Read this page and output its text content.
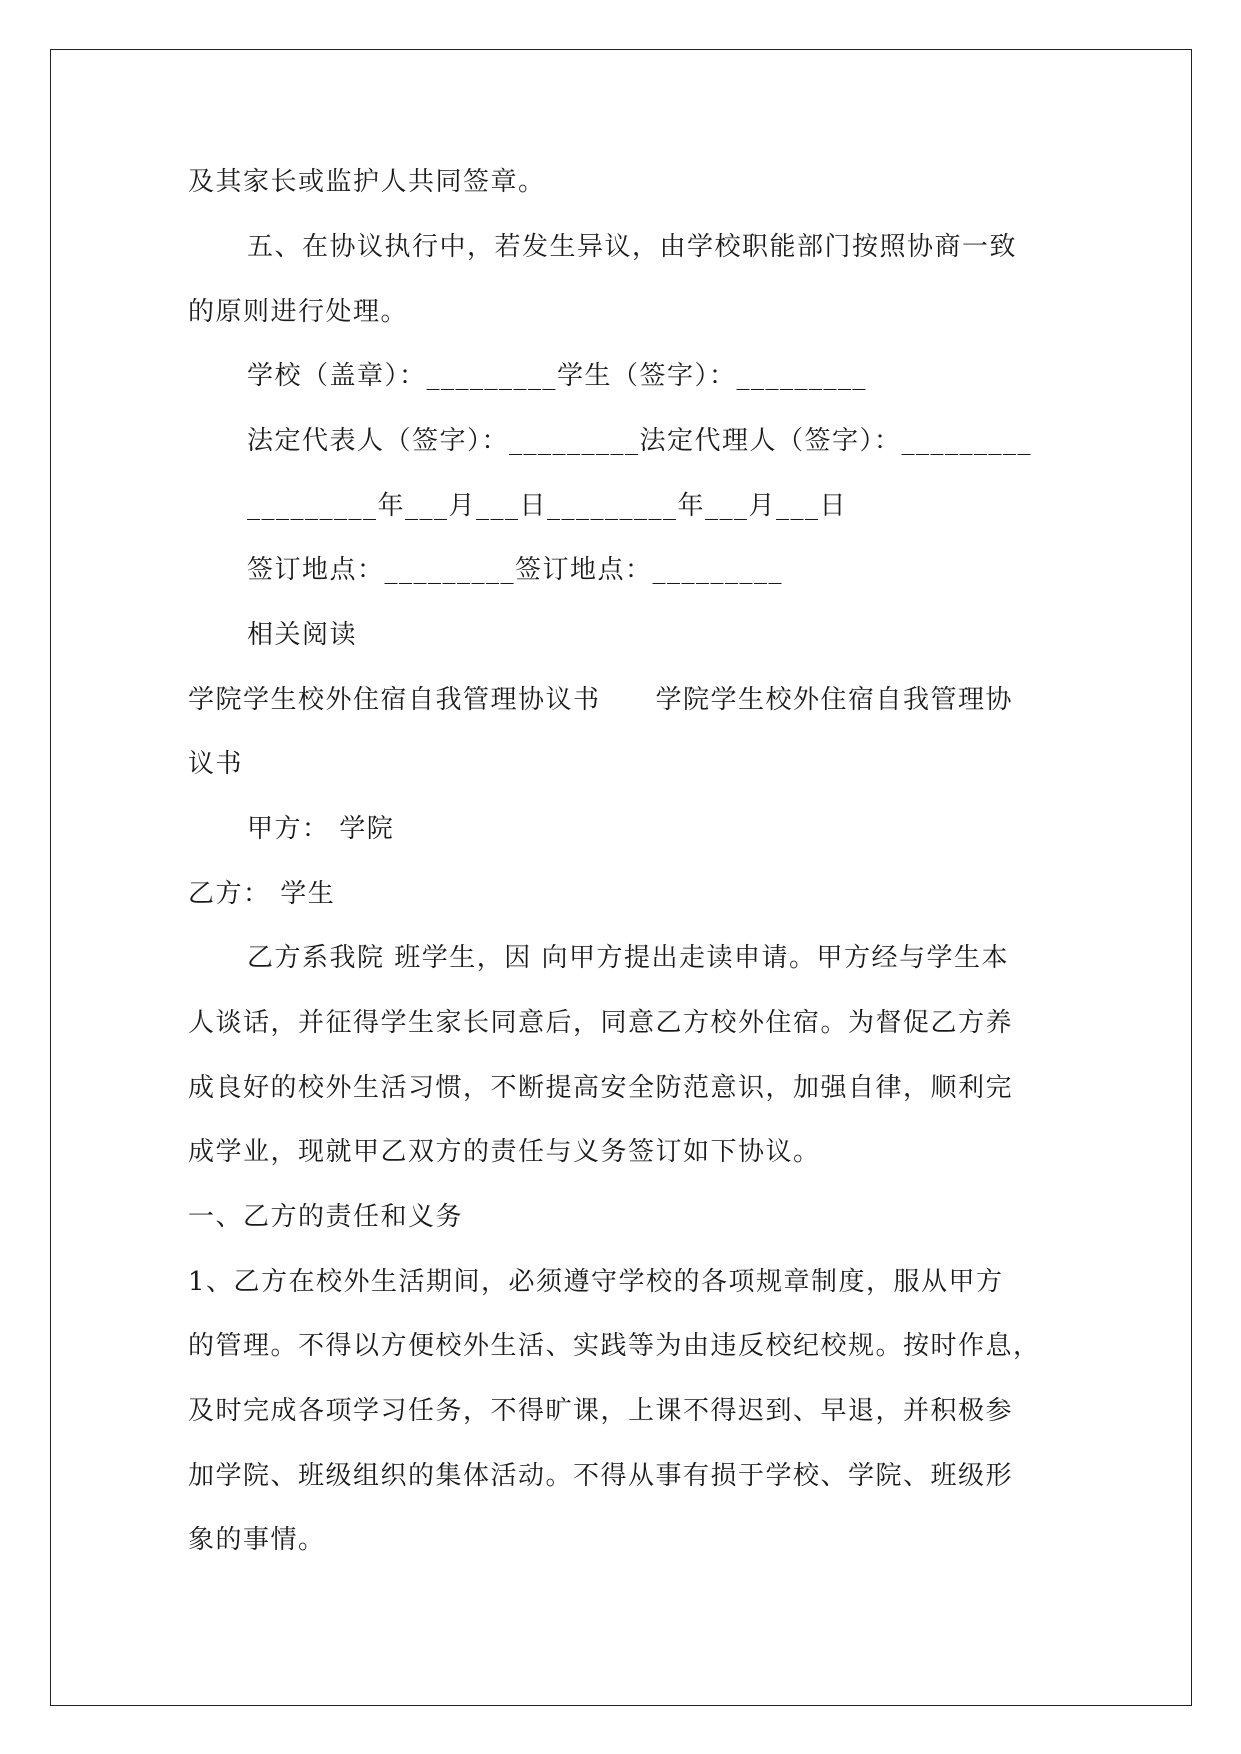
及其家长或监护人共同签章。
五、在协议执行中，若发生异议，由学校职能部门按照协商一致
的原则进行处理。
学校（盖章）：_________学生（签字）：_________
法定代表人（签字）：_________法定代理人（签字）：_________
_________年___月___日_________年___月___日
签订地点：_________签订地点：_________
相关阅读
学院学生校外住宿自我管理协议书　　学院学生校外住宿自我管理协
议书
甲方： 学院
乙方： 学生
乙方系我院 班学生，因 向甲方提出走读申请。甲方经与学生本
人谈话，并征得学生家长同意后，同意乙方校外住宿。为督促乙方养
成良好的校外生活习惯，不断提高安全防范意识，加强自律，顺利完
成学业，现就甲乙双方的责任与义务签订如下协议。
一、乙方的责任和义务
1、乙方在校外生活期间，必须遵守学校的各项规章制度，服从甲方
的管理。不得以方便校外生活、实践等为由违反校纪校规。按时作息，
及时完成各项学习任务，不得旷课，上课不得迟到、早退，并积极参
加学院、班级组织的集体活动。不得从事有损于学校、学院、班级形
象的事情。
